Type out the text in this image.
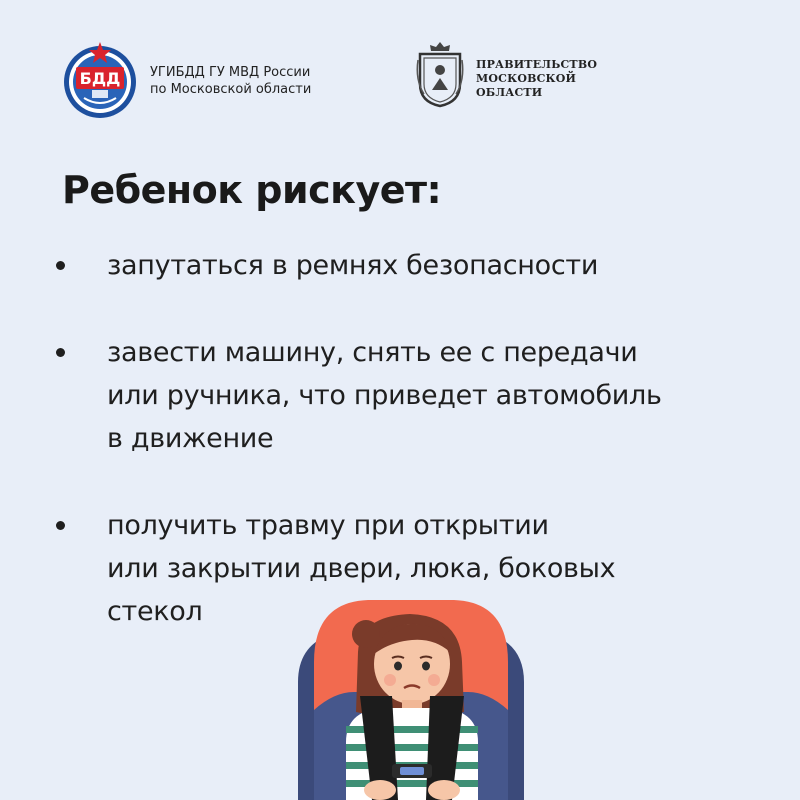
БДД УГИБДД ГУ МВД России
по Московской области
ПРАВИТЕЛЬСТВО
МОСКОВСКОЙ
ОБЛАСТИ
Ребенок рискует:
запутаться в ремнях безопасности
завести машину, снять ее с передачи
или ручника, что приведет автомобиль
в движение
получить травму при открытии
или закрытии двери, люка, боковых
стекол
